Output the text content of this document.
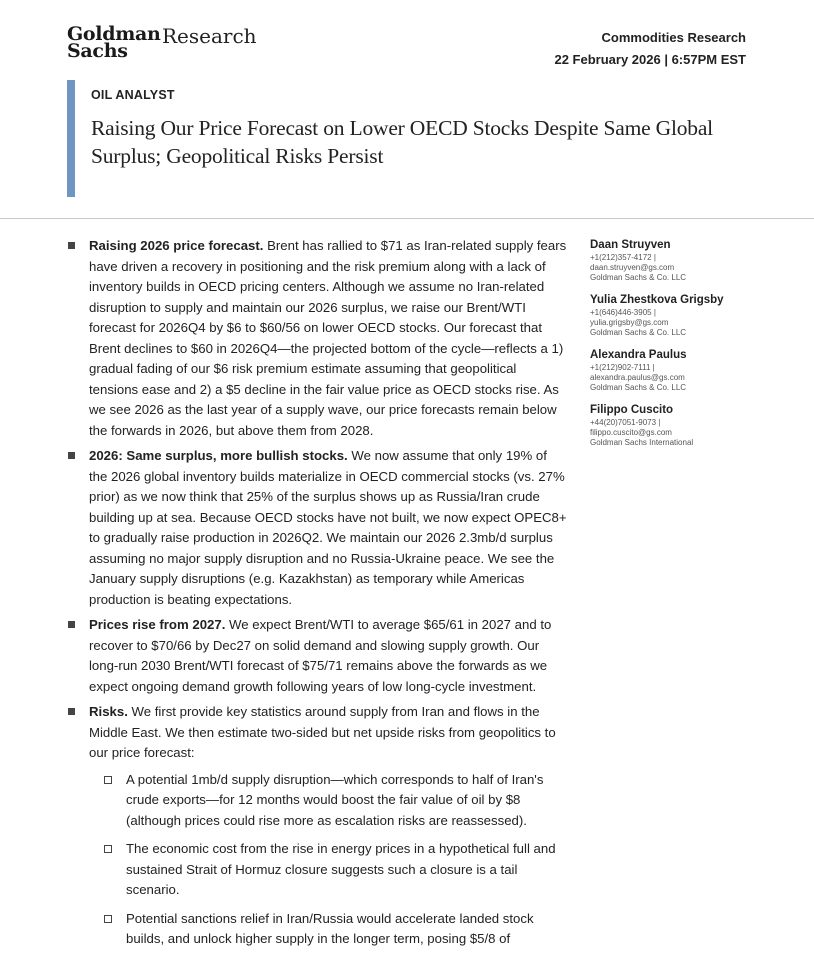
Goldman
Sachs
Research	Commodities Research
22 February 2026 | 6:57PM EST
OIL ANALYST
Raising Our Price Forecast on Lower OECD Stocks Despite Same Global Surplus; Geopolitical Risks Persist
Raising 2026 price forecast. Brent has rallied to $71 as Iran-related supply fears have driven a recovery in positioning and the risk premium along with a lack of inventory builds in OECD pricing centers. Although we assume no Iran-related disruption to supply and maintain our 2026 surplus, we raise our Brent/WTI forecast for 2026Q4 by $6 to $60/56 on lower OECD stocks. Our forecast that Brent declines to $60 in 2026Q4—the projected bottom of the cycle—reflects a 1) gradual fading of our $6 risk premium estimate assuming that geopolitical tensions ease and 2) a $5 decline in the fair value price as OECD stocks rise. As we see 2026 as the last year of a supply wave, our price forecasts remain below the forwards in 2026, but above them from 2028.
2026: Same surplus, more bullish stocks. We now assume that only 19% of the 2026 global inventory builds materialize in OECD commercial stocks (vs. 27% prior) as we now think that 25% of the surplus shows up as Russia/Iran crude building up at sea. Because OECD stocks have not built, we now expect OPEC8+ to gradually raise production in 2026Q2. We maintain our 2026 2.3mb/d surplus assuming no major supply disruption and no Russia-Ukraine peace. We see the January supply disruptions (e.g. Kazakhstan) as temporary while Americas production is beating expectations.
Prices rise from 2027. We expect Brent/WTI to average $65/61 in 2027 and to recover to $70/66 by Dec27 on solid demand and slowing supply growth. Our long-run 2030 Brent/WTI forecast of $75/71 remains above the forwards as we expect ongoing demand growth following years of low long-cycle investment.
Risks. We first provide key statistics around supply from Iran and flows in the Middle East. We then estimate two-sided but net upside risks from geopolitics to our price forecast:
A potential 1mb/d supply disruption—which corresponds to half of Iran's crude exports—for 12 months would boost the fair value of oil by $8 (although prices could rise more as escalation risks are reassessed).
The economic cost from the rise in energy prices in a hypothetical full and sustained Strait of Hormuz closure suggests such a closure is a tail scenario.
Potential sanctions relief in Iran/Russia would accelerate landed stock builds, and unlock higher supply in the longer term, posing $5/8 of
Daan Struyven
+1(212)357-4172 |
daan.struyven@gs.com
Goldman Sachs & Co. LLC
Yulia Zhestkova Grigsby
+1(646)446-3905 |
yulia.grigsby@gs.com
Goldman Sachs & Co. LLC
Alexandra Paulus
+1(212)902-7111 |
alexandra.paulus@gs.com
Goldman Sachs & Co. LLC
Filippo Cuscito
+44(20)7051-9073 |
filippo.cuscito@gs.com
Goldman Sachs International
